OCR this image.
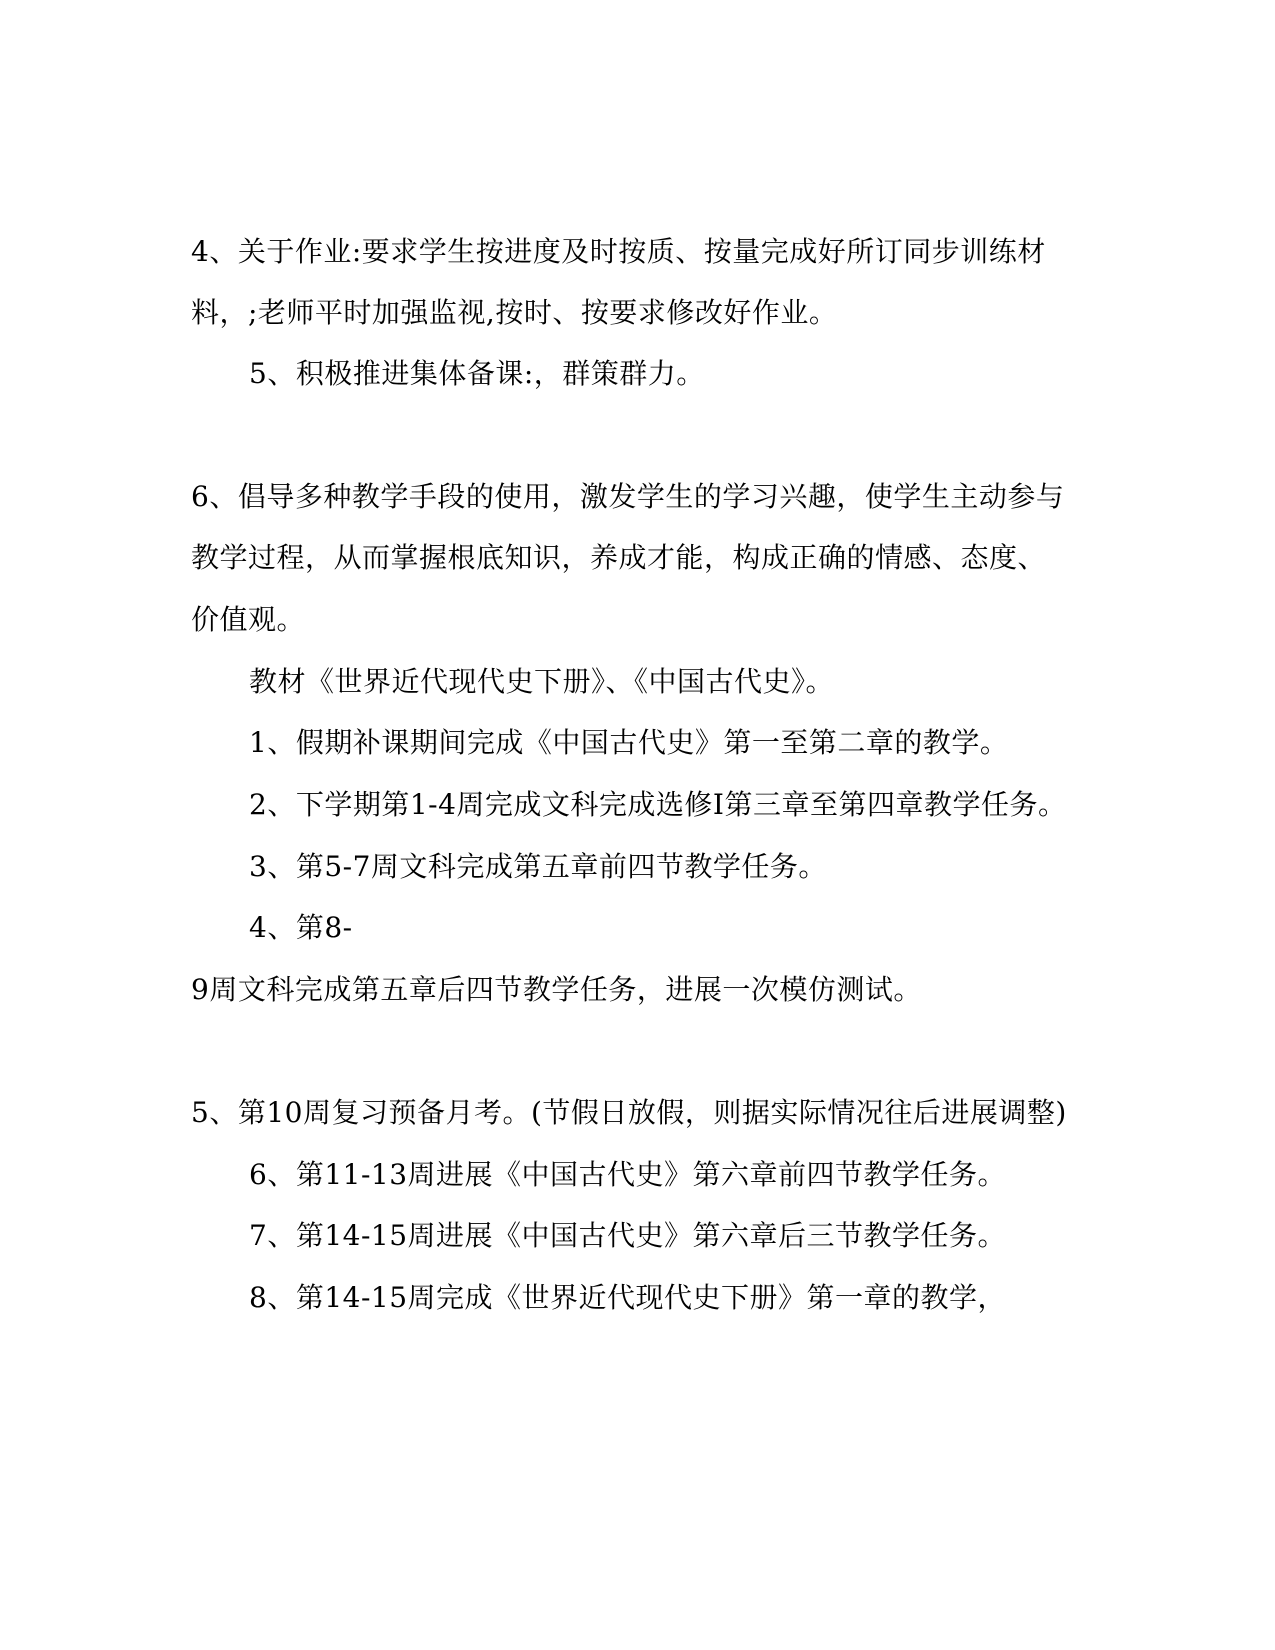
4、关于作业:要求学生按进度及时按质、按量完成好所订同步训练材
料，;老师平时加强监视,按时、按要求修改好作业。
5、积极推进集体备课:，群策群力。
6、倡导多种教学手段的使用，激发学生的学习兴趣，使学生主动参与
教学过程，从而掌握根底知识，养成才能，构成正确的情感、态度、
价值观。
教材《世界近代现代史下册》、《中国古代史》。
1、假期补课期间完成《中国古代史》第一至第二章的教学。
2、下学期第1-4周完成文科完成选修I第三章至第四章教学任务。
3、第5-7周文科完成第五章前四节教学任务。
4、第8-
9周文科完成第五章后四节教学任务，进展一次模仿测试。
5、第10周复习预备月考。(节假日放假，则据实际情况往后进展调整)
6、第11-13周进展《中国古代史》第六章前四节教学任务。
7、第14-15周进展《中国古代史》第六章后三节教学任务。
8、第14-15周完成《世界近代现代史下册》第一章的教学，
